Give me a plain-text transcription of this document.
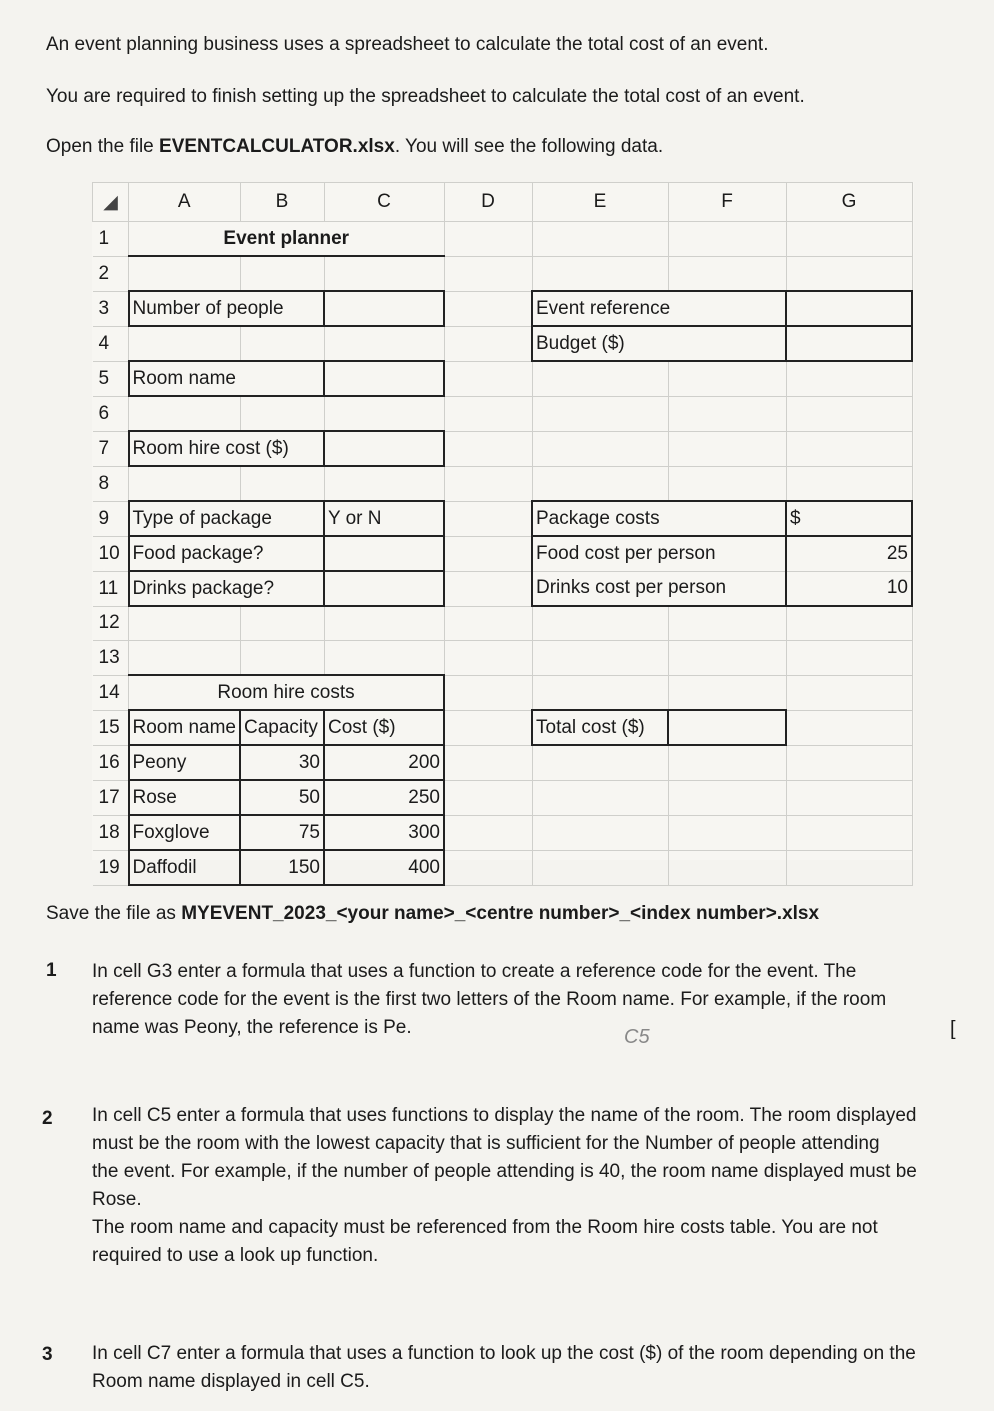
An event planning business uses a spreadsheet to calculate the total cost of an event.
You are required to finish setting up the spreadsheet to calculate the total cost of an event.
Open the file EVENTCALCULATOR.xlsx. You will see the following data.
◢	A	B	C	D	E	F	G
1	Event planner						
2							
3	Number of people				Event reference		
4					Budget ($)		
5	Room name						
6							
7	Room hire cost ($)						
8							
9	Type of package		Y or N		Package costs		$
10	Food package?				Food cost per person		25
11	Drinks package?				Drinks cost per person		10
12							
13							
14	Room hire costs						
15	Room name	Capacity	Cost ($)		Total cost ($)		
16	Peony	30	200				
17	Rose	50	250				
18	Foxglove	75	300				
19	Daffodil	150	400				
Save the file as MYEVENT_2023_<your name>_<centre number>_<index number>.xlsx
1 In cell G3 enter a formula that uses a function to create a reference code for the event. The
reference code for the event is the first two letters of the Room name. For example, if the room
name was Peony, the reference is Pe.	C5	[
2 In cell C5 enter a formula that uses functions to display the name of the room. The room displayed
must be the room with the lowest capacity that is sufficient for the Number of people attending
the event. For example, if the number of people attending is 40, the room name displayed must be
Rose.
The room name and capacity must be referenced from the Room hire costs table. You are not
required to use a look up function.
3 In cell C7 enter a formula that uses a function to look up the cost ($) of the room depending on the
Room name displayed in cell C5.
